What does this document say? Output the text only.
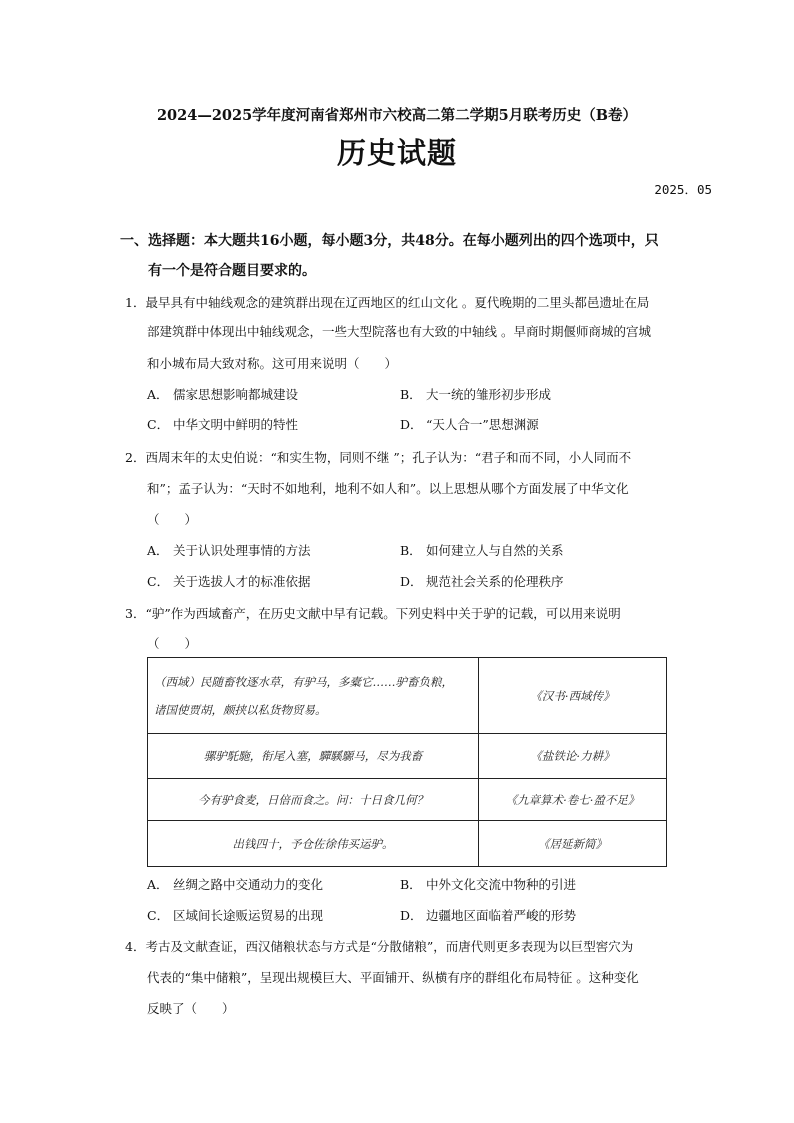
2024—2025学年度河南省郑州市六校高二第二学期5月联考历史（B卷）
历史试题
2025．05
一、选择题：本大题共16小题，每小题3分，共48分。在每小题列出的四个选项中，只
有一个是符合题目要求的。
1．最早具有中轴线观念的建筑群出现在辽西地区的红山文化 。夏代晚期的二里头都邑遗址在局
部建筑群中体现出中轴线观念，一些大型院落也有大致的中轴线 。早商时期偃师商城的宫城
和小城布局大致对称。这可用来说明（　　）
A． 儒家思想影响都城建设	B． 大一统的雏形初步形成
C． 中华文明中鲜明的特性	D． “天人合一”思想渊源
2．西周末年的太史伯说：“和实生物，同则不继 ”；孔子认为：“君子和而不同，小人同而不
和”；孟子认为：“天时不如地利，地利不如人和”。以上思想从哪个方面发展了中华文化
（　　）
A． 关于认识处理事情的方法	B． 如何建立人与自然的关系
C． 关于选拔人才的标准依据	D． 规范社会关系的伦理秩序
3．“驴”作为西域畜产，在历史文献中早有记载。下列史料中关于驴的记载，可以用来说明
（　　）
（西域）民随畜牧逐水草，有驴马，多橐它……驴畜负粮，
诸国使贾胡，颇挟以私货物贸易。	《汉书·西域传》
骡驴馲駞，衔尾入塞，驒騱騵马，尽为我畜	《盐铁论·力耕》
今有驴食麦，日倍而食之。问：十日食几何？	《九章算术·卷七·盈不足》
出钱四十，予仓佐徐伟买运驴。	《居延新简》
A． 丝绸之路中交通动力的变化	B． 中外文化交流中物种的引进
C． 区域间长途贩运贸易的出现	D． 边疆地区面临着严峻的形势
4．考古及文献查证，西汉储粮状态与方式是“分散储粮”，而唐代则更多表现为以巨型窖穴为
代表的“集中储粮”，呈现出规模巨大、平面铺开、纵横有序的群组化布局特征 。这种变化
反映了（　　）
